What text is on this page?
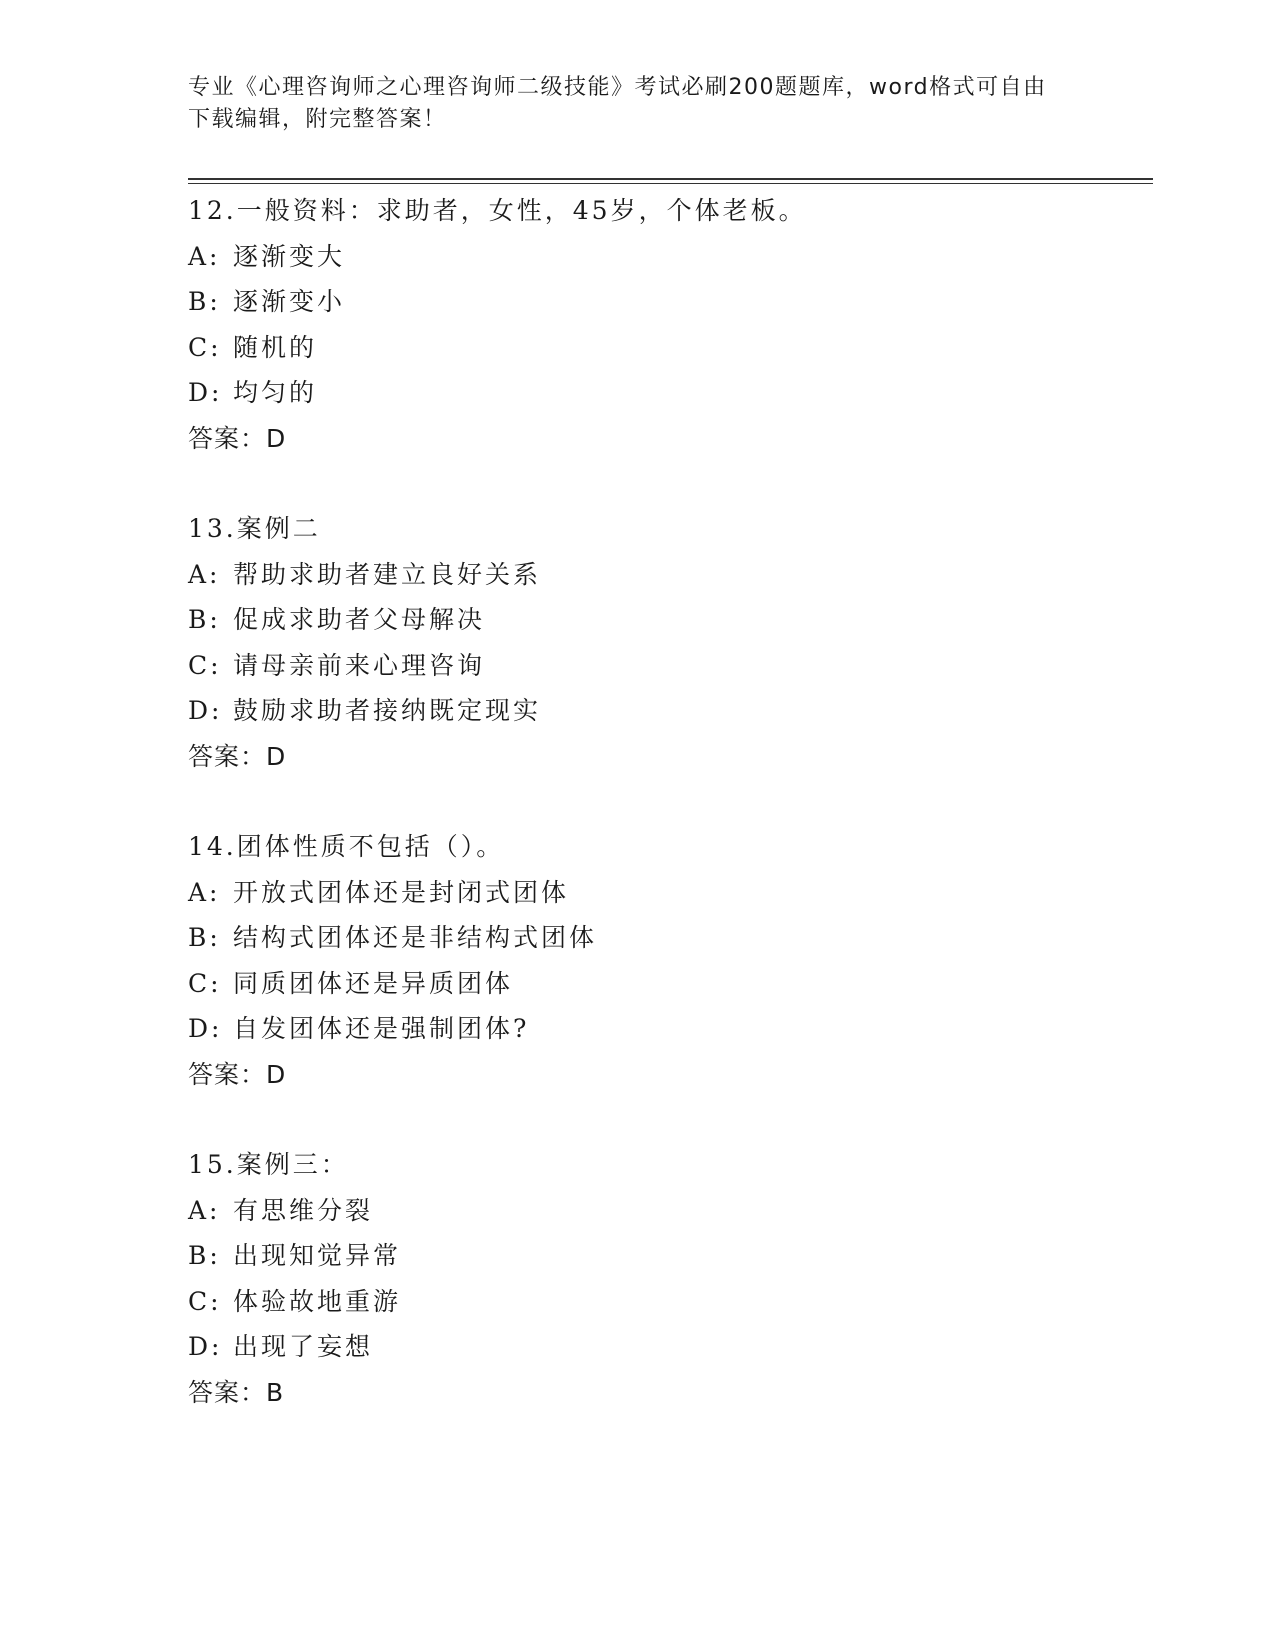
专业《心理咨询师之心理咨询师二级技能》考试必刷200题题库，word格式可自由下载编辑，附完整答案！

12.一般资料：求助者，女性，45岁，个体老板。
A: 逐渐变大
B: 逐渐变小
C: 随机的
D: 均匀的
答案：D
13.案例二
A: 帮助求助者建立良好关系
B: 促成求助者父母解决
C: 请母亲前来心理咨询
D: 鼓励求助者接纳既定现实
答案：D
14.团体性质不包括（）。
A: 开放式团体还是封闭式团体
B: 结构式团体还是非结构式团体
C: 同质团体还是异质团体
D: 自发团体还是强制团体?
答案：D
15.案例三：
A: 有思维分裂
B: 出现知觉异常
C: 体验故地重游
D: 出现了妄想
答案：B
